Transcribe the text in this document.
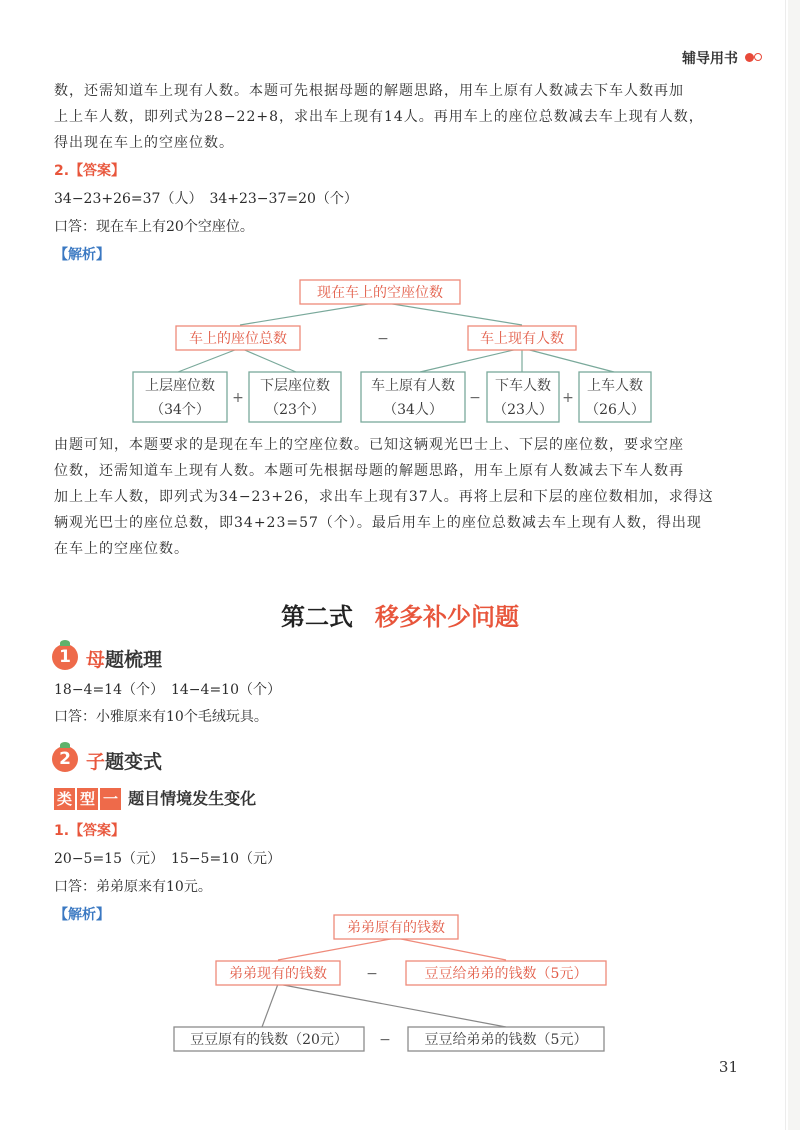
辅导用书
数，还需知道车上现有人数。本题可先根据母题的解题思路，用车上原有人数减去下车人数再加
上上车人数，即列式为28−22+8，求出车上现有14人。再用车上的座位总数减去车上现有人数，
得出现在车上的空座位数。
2.【答案】
34−23+26=37（人）　34+23−37=20（个）
口答：现在车上有20个空座位。
【解析】
现在车上的空座位数
车上的座位总数	−	车上现有人数
上层座位数
（34个）
+
下层座位数
（23个）
车上原有人数
（34人）
−
下车人数
（23人）
+
上车人数
（26人）
由题可知，本题要求的是现在车上的空座位数。已知这辆观光巴士上、下层的座位数，要求空座
位数，还需知道车上现有人数。本题可先根据母题的解题思路，用车上原有人数减去下车人数再
加上上车人数，即列式为34−23+26，求出车上现有37人。再将上层和下层的座位数相加，求得这
辆观光巴士的座位总数，即34+23=57（个）。最后用车上的座位总数减去车上现有人数，得出现
在车上的空座位数。
第二式 移多补少问题
1 母题梳理
18−4=14（个）　14−4=10（个）
口答：小雅原来有10个毛绒玩具。
2 子题变式
类 型 一 题目情境发生变化
1.【答案】
20−5=15（元）　15−5=10（元）
口答：弟弟原来有10元。
【解析】
弟弟原有的钱数
弟弟现有的钱数	−	豆豆给弟弟的钱数（5元）
豆豆原有的钱数（20元） − 豆豆给弟弟的钱数（5元）
31
